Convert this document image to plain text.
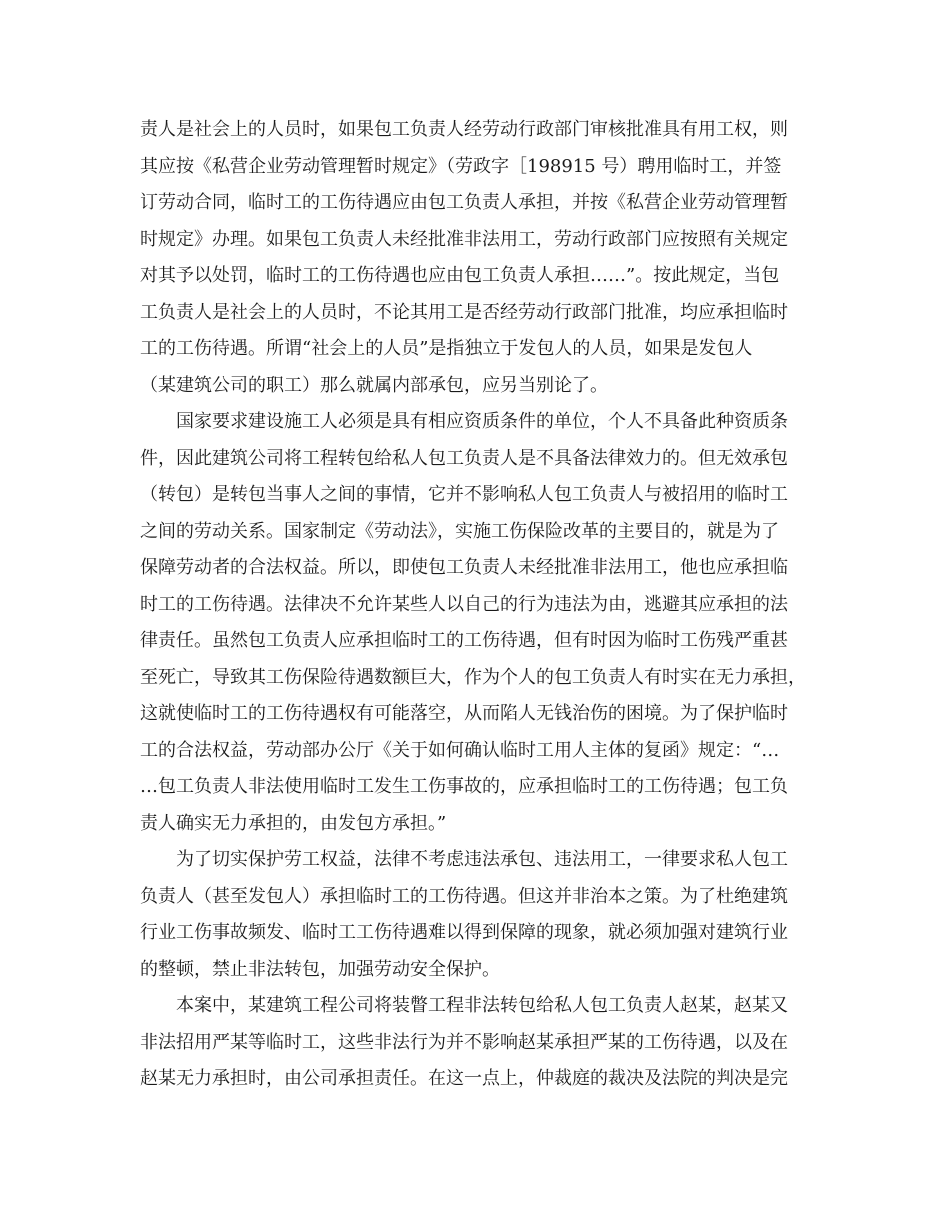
责人是社会上的人员时，如果包工负责人经劳动行政部门审核批准具有用工权，则
其应按《私营企业劳动管理暂时规定》（劳政字［198915 号）聘用临时工，并签
订劳动合同，临时工的工伤待遇应由包工负责人承担，并按《私营企业劳动管理暂
时规定》办理。如果包工负责人未经批准非法用工，劳动行政部门应按照有关规定
对其予以处罚，临时工的工伤待遇也应由包工负责人承担……”。按此规定，当包
工负责人是社会上的人员时，不论其用工是否经劳动行政部门批准，均应承担临时
工的工伤待遇。所谓“社会上的人员”是指独立于发包人的人员，如果是发包人
（某建筑公司的职工）那么就属内部承包，应另当别论了。
　　国家要求建设施工人必须是具有相应资质条件的单位，个人不具备此种资质条
件，因此建筑公司将工程转包给私人包工负责人是不具备法律效力的。但无效承包
（转包）是转包当事人之间的事情，它并不影响私人包工负责人与被招用的临时工
之间的劳动关系。国家制定《劳动法》，实施工伤保险改革的主要目的，就是为了
保障劳动者的合法权益。所以，即使包工负责人未经批准非法用工，他也应承担临
时工的工伤待遇。法律决不允许某些人以自己的行为违法为由，逃避其应承担的法
律责任。虽然包工负责人应承担临时工的工伤待遇，但有时因为临时工伤残严重甚
至死亡，导致其工伤保险待遇数额巨大，作为个人的包工负责人有时实在无力承担，
这就使临时工的工伤待遇权有可能落空，从而陷人无钱治伤的困境。为了保护临时
工的合法权益，劳动部办公厅《关于如何确认临时工用人主体的复函》规定：“…
…包工负责人非法使用临时工发生工伤事故的，应承担临时工的工伤待遇；包工负
责人确实无力承担的，由发包方承担。”
　　为了切实保护劳工权益，法律不考虑违法承包、违法用工，一律要求私人包工
负责人（甚至发包人）承担临时工的工伤待遇。但这并非治本之策。为了杜绝建筑
行业工伤事故频发、临时工工伤待遇难以得到保障的现象，就必须加强对建筑行业
的整顿，禁止非法转包，加强劳动安全保护。
　　本案中，某建筑工程公司将装瞥工程非法转包给私人包工负责人赵某，赵某又
非法招用严某等临时工，这些非法行为并不影响赵某承担严某的工伤待遇，以及在
赵某无力承担时，由公司承担责任。在这一点上，仲裁庭的裁决及法院的判决是完
